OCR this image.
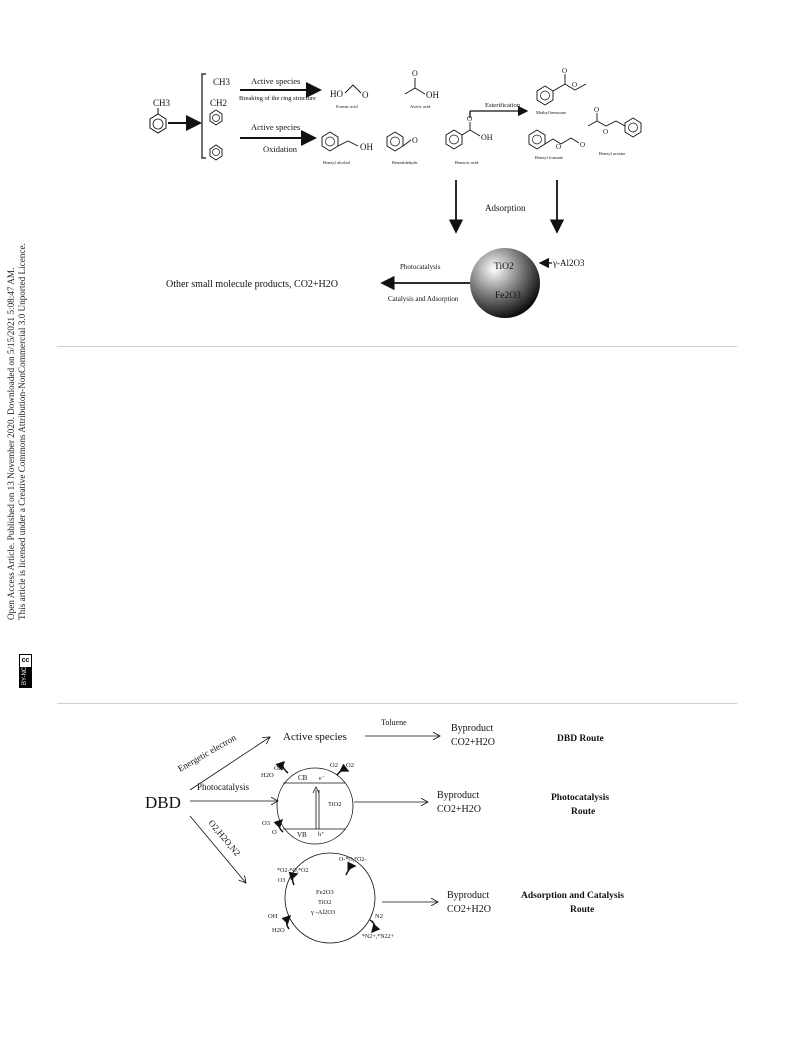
Open Access Article. Published on 13 November 2020. Downloaded on 5/15/2021 5:08:47 AM. This article is licensed under a Creative Commons Attribution-NonCommercial 3.0 Unported Licence.
cc
BY-NC
CH3
CH3
CH2
Active species
Breaking of the ring structure
Active species
Oxidation
HO O
Formic acid
O
OH
Acetic acid	Esterification
O
O
Methyl benzoate
OH
Benzyl alcohol
O
Benzaldehyde
O
OH
Benzoic acid
O	O
Benzyl formate
O
O
Benzyl acetate
Adsorption
TiO2
Fe2O3
γ-Al2O3
Photocatalysis
Catalysis and Adsorption
Other small molecule products, CO2+H2O
DBD
Energetic electron	Active species
Toluene
Byproduct
CO2+H2O	DBD Route
Photocatalysis
CB e⁻
VB h⁺
TiO2
OH
H2O
O2 O2
O3
O
Byproduct
CO2+H2O
Photocatalysis
Route
O2,H2O,N2
Fe2O3
TiO2
γ -Al2O3
*O2-*O,*O2
O3
O-*O,*O2-
OH
H2O
N2
*N2+,*N22+
Byproduct
CO2+H2O
Adsorption and Catalysis
Route
